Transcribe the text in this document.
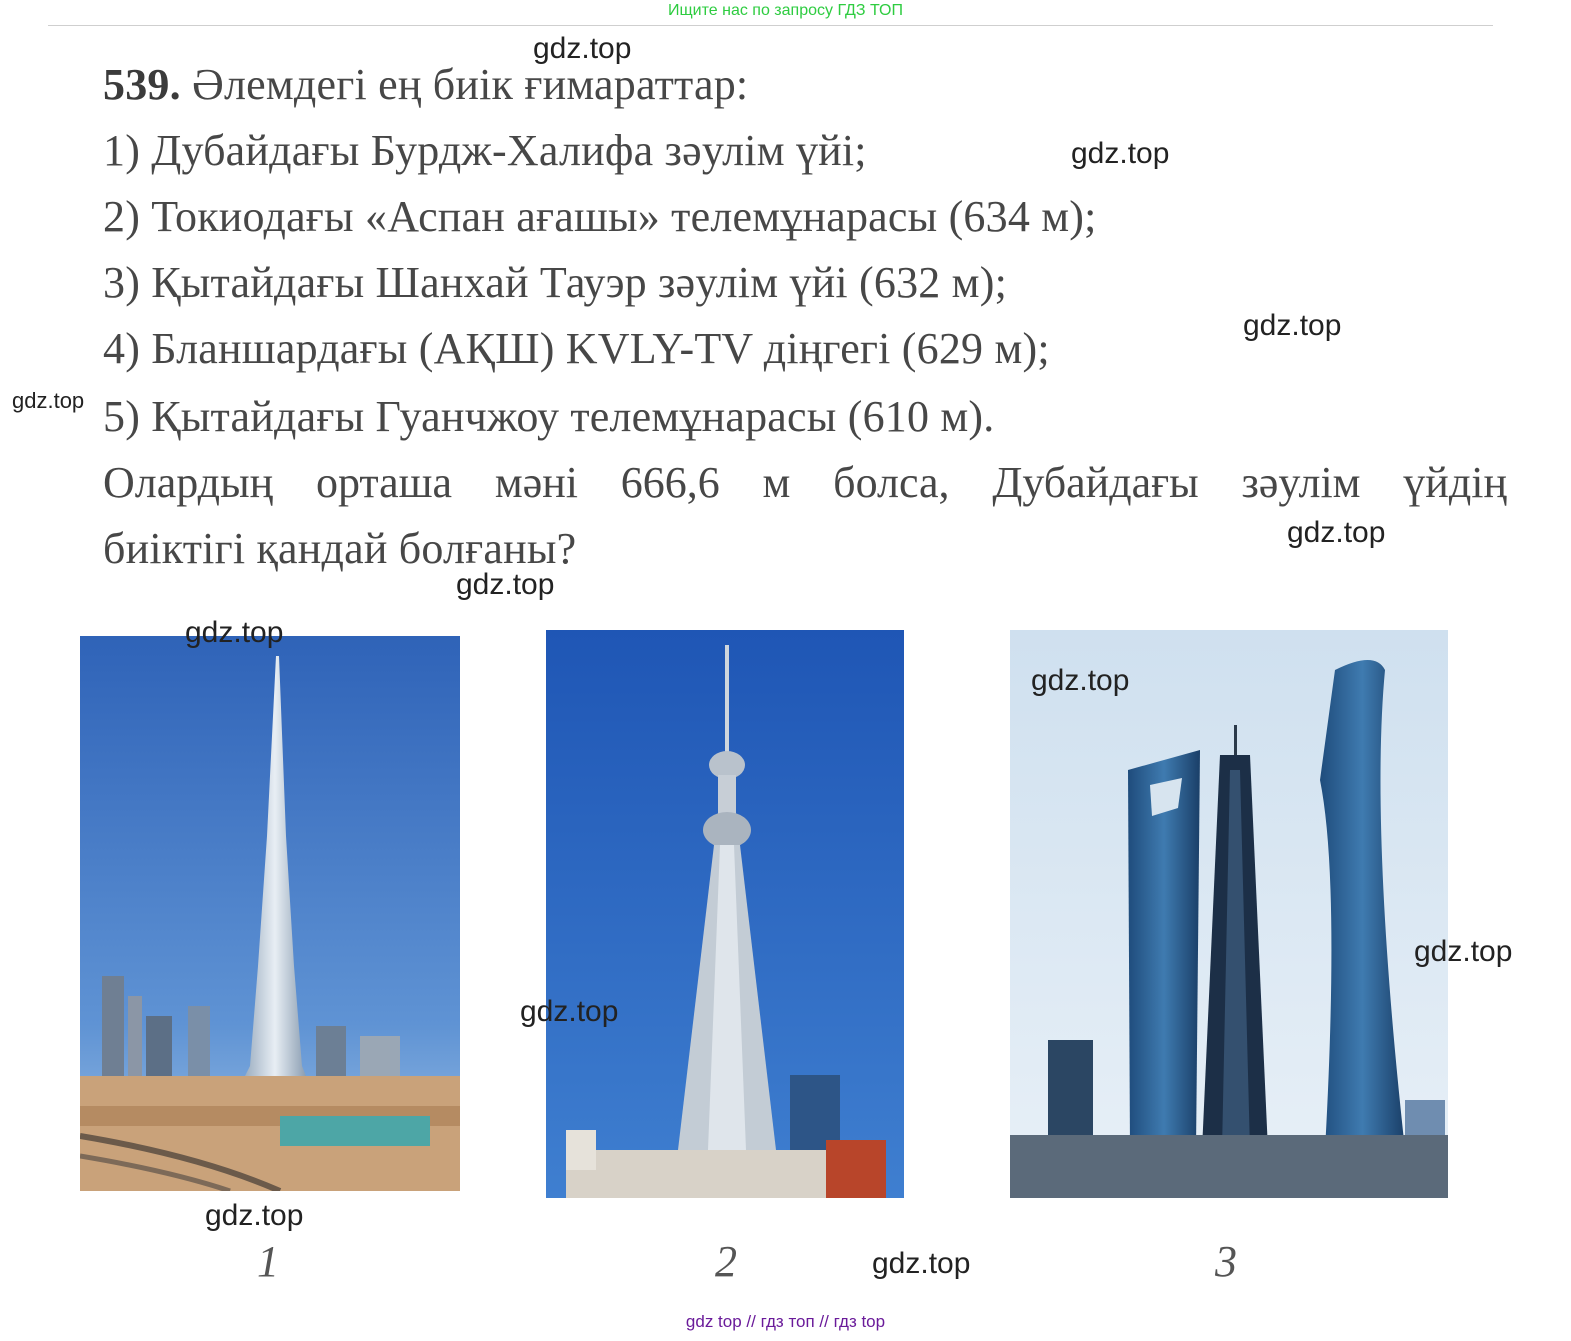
Ищите нас по запросу ГДЗ ТОП
539. Әлемдегі ең биік ғимараттар:
1) Дубайдағы Бурдж-Халифа зәулім үйі;
2) Токиодағы «Аспан ағашы» телемұнарасы (634 м);
3) Қытайдағы Шанхай Тауэр зәулім үйі (632 м);
4) Бланшардағы (АҚШ) KVLY-TV діңгегі (629 м);
5) Қытайдағы Гуанчжоу телемұнарасы (610 м).
Олардың орташа мәні 666,6 м болса, Дубайдағы зәулім үйдің
биіктігі қандай болғаны?
1	2	3
gdz.top
gdz.top
gdz.top
gdz.top
gdz.top
gdz.top
gdz.top
gdz.top
gdz.top
gdz.top
gdz.top
gdz.top
gdz top // гдз топ // гдз top
